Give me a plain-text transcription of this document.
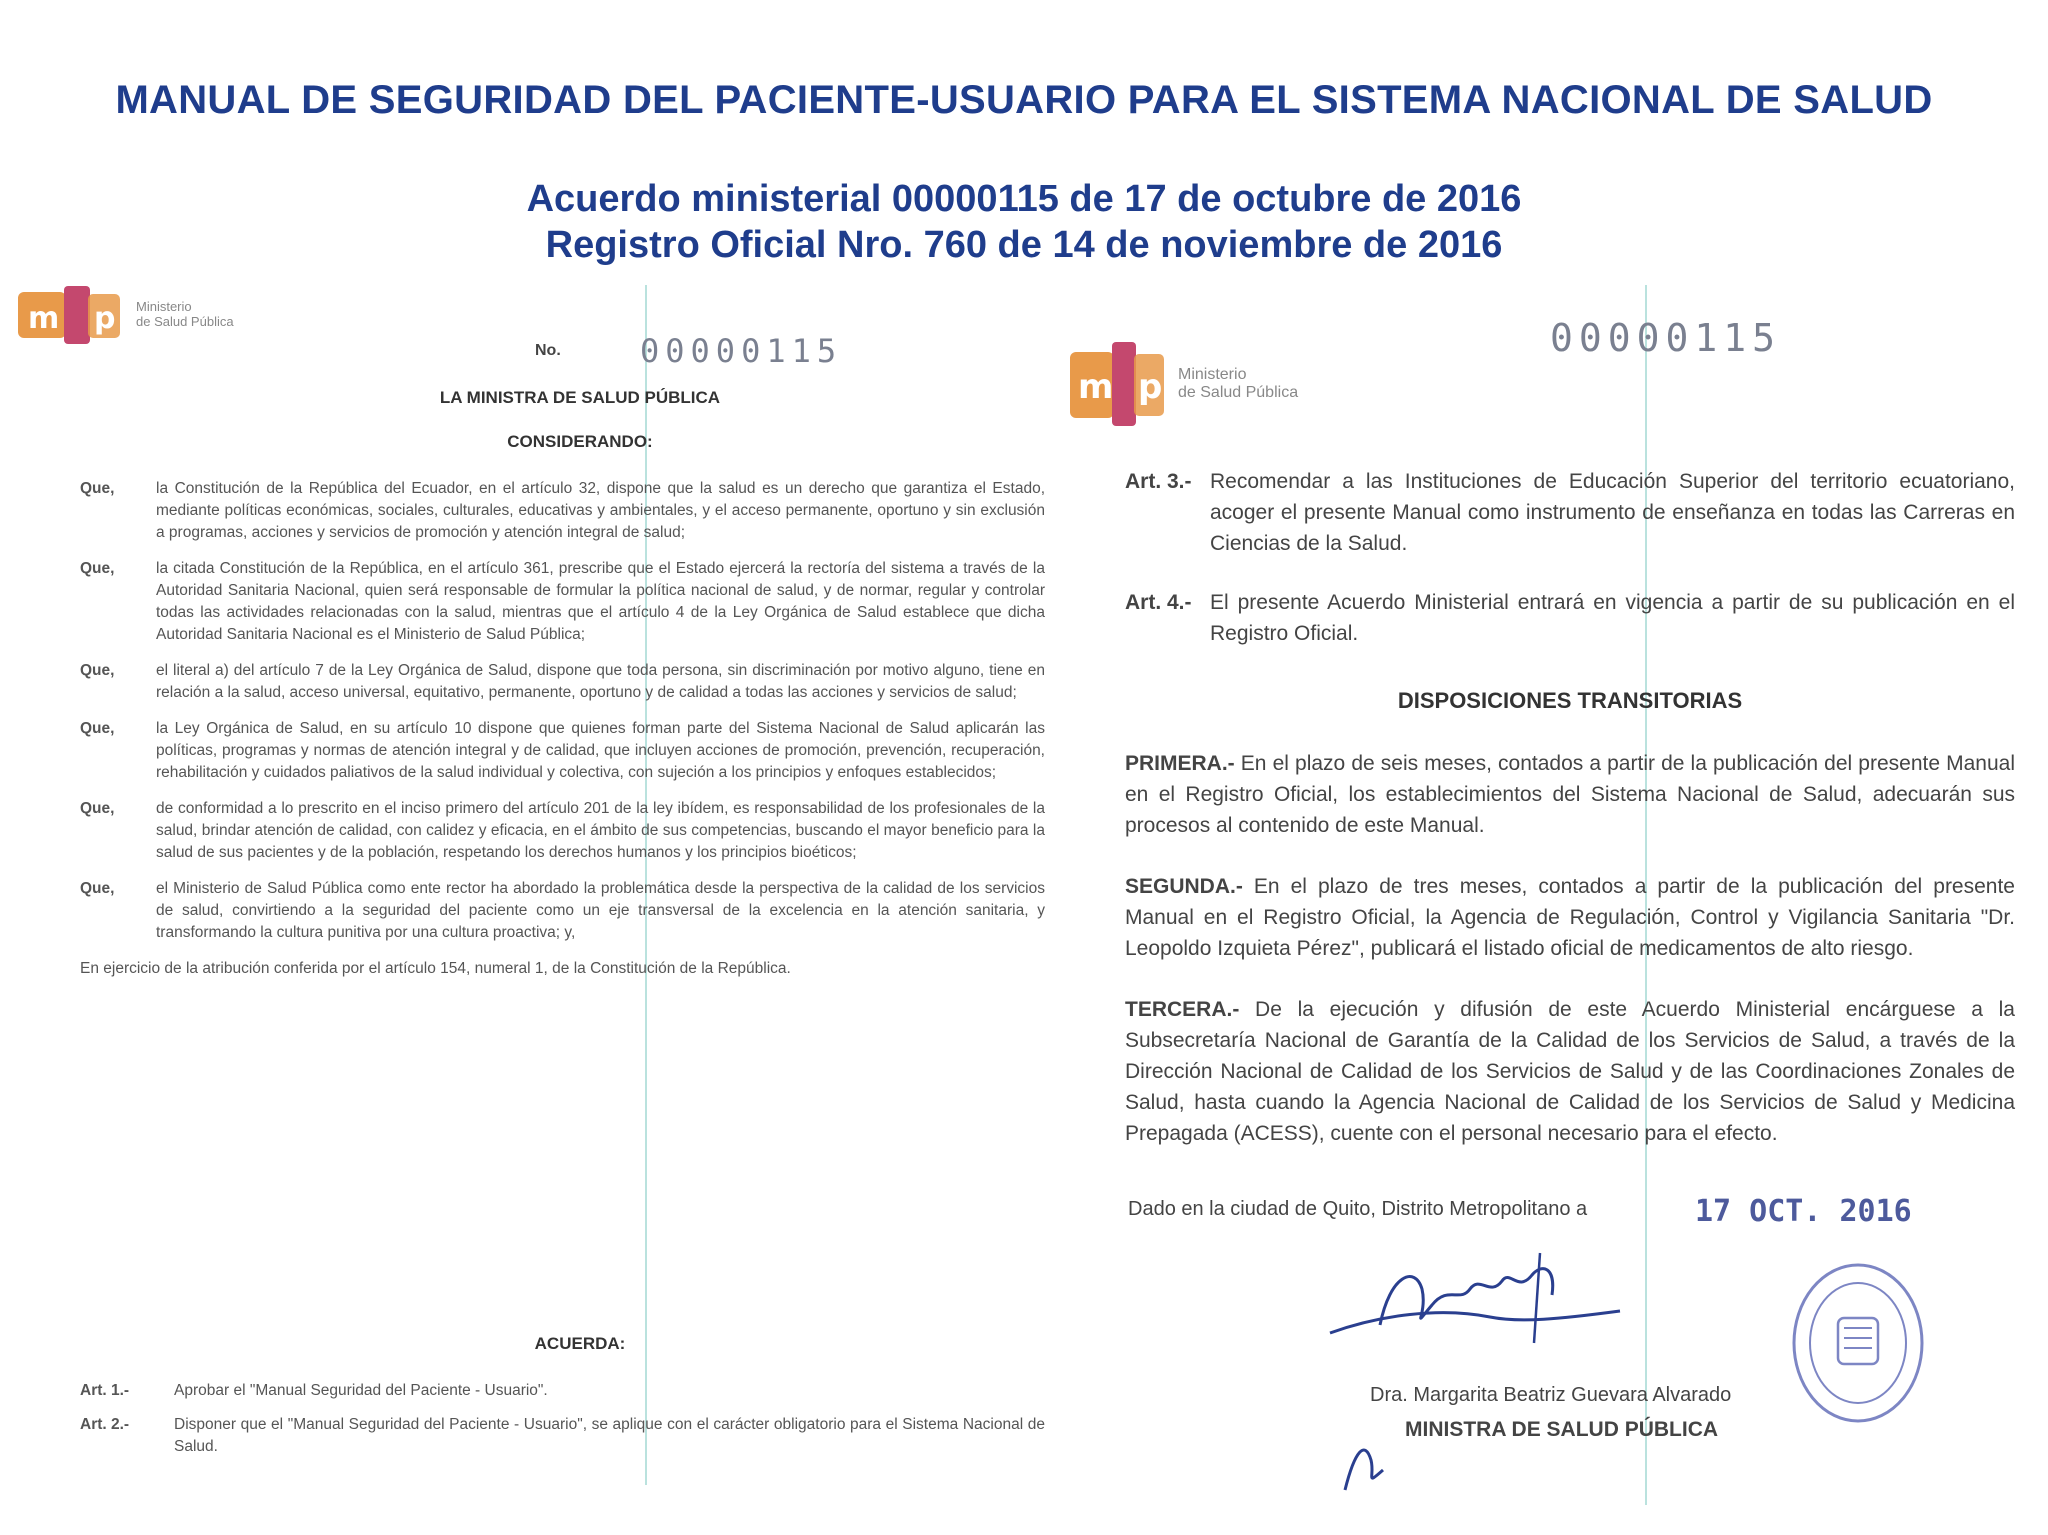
MANUAL DE SEGURIDAD DEL PACIENTE-USUARIO PARA EL SISTEMA NACIONAL DE SALUD
Acuerdo ministerial 00000115 de 17 de octubre de 2016
Registro Oficial Nro. 760 de 14 de noviembre de 2016
m p Ministerio
de Salud Pública
No. 00000115
LA MINISTRA DE SALUD PÚBLICA
CONSIDERANDO:
Que,	la Constitución de la República del Ecuador, en el artículo 32, dispone que la salud es un derecho que garantiza el Estado, mediante políticas económicas, sociales, culturales, educativas y ambientales, y el acceso permanente, oportuno y sin exclusión a programas, acciones y servicios de promoción y atención integral de salud;
Que,	la citada Constitución de la República, en el artículo 361, prescribe que el Estado ejercerá la rectoría del sistema a través de la Autoridad Sanitaria Nacional, quien será responsable de formular la política nacional de salud, y de normar, regular y controlar todas las actividades relacionadas con la salud, mientras que el artículo 4 de la Ley Orgánica de Salud establece que dicha Autoridad Sanitaria Nacional es el Ministerio de Salud Pública;
Que,	el literal a) del artículo 7 de la Ley Orgánica de Salud, dispone que toda persona, sin discriminación por motivo alguno, tiene en relación a la salud, acceso universal, equitativo, permanente, oportuno y de calidad a todas las acciones y servicios de salud;
Que,	la Ley Orgánica de Salud, en su artículo 10 dispone que quienes forman parte del Sistema Nacional de Salud aplicarán las políticas, programas y normas de atención integral y de calidad, que incluyen acciones de promoción, prevención, recuperación, rehabilitación y cuidados paliativos de la salud individual y colectiva, con sujeción a los principios y enfoques establecidos;
Que,	de conformidad a lo prescrito en el inciso primero del artículo 201 de la ley ibídem, es responsabilidad de los profesionales de la salud, brindar atención de calidad, con calidez y eficacia, en el ámbito de sus competencias, buscando el mayor beneficio para la salud de sus pacientes y de la población, respetando los derechos humanos y los principios bioéticos;
Que,	el Ministerio de Salud Pública como ente rector ha abordado la problemática desde la perspectiva de la calidad de los servicios de salud, convirtiendo a la seguridad del paciente como un eje transversal de la excelencia en la atención sanitaria, y transformando la cultura punitiva por una cultura proactiva; y,
En ejercicio de la atribución conferida por el artículo 154, numeral 1, de la Constitución de la República.
ACUERDA:
Art. 1.-	Aprobar el "Manual Seguridad del Paciente - Usuario".
Art. 2.-	Disponer que el "Manual Seguridad del Paciente - Usuario", se aplique con el carácter obligatorio para el Sistema Nacional de Salud.
00000115
m p Ministerio
de Salud Pública
Art. 3.- Recomendar a las Instituciones de Educación Superior del territorio ecuatoriano, acoger el presente Manual como instrumento de enseñanza en todas las Carreras en Ciencias de la Salud.
Art. 4.- El presente Acuerdo Ministerial entrará en vigencia a partir de su publicación en el Registro Oficial.
DISPOSICIONES TRANSITORIAS
PRIMERA.- En el plazo de seis meses, contados a partir de la publicación del presente Manual en el Registro Oficial, los establecimientos del Sistema Nacional de Salud, adecuarán sus procesos al contenido de este Manual.
SEGUNDA.- En el plazo de tres meses, contados a partir de la publicación del presente Manual en el Registro Oficial, la Agencia de Regulación, Control y Vigilancia Sanitaria "Dr. Leopoldo Izquieta Pérez", publicará el listado oficial de medicamentos de alto riesgo.
TERCERA.- De la ejecución y difusión de este Acuerdo Ministerial encárguese a la Subsecretaría Nacional de Garantía de la Calidad de los Servicios de Salud, a través de la Dirección Nacional de Calidad de los Servicios de Salud y de las Coordinaciones Zonales de Salud, hasta cuando la Agencia Nacional de Calidad de los Servicios de Salud y Medicina Prepagada (ACESS), cuente con el personal necesario para el efecto.
Dado en la ciudad de Quito, Distrito Metropolitano a	17 OCT. 2016
Dra. Margarita Beatriz Guevara Alvarado
MINISTRA DE SALUD PÚBLICA
